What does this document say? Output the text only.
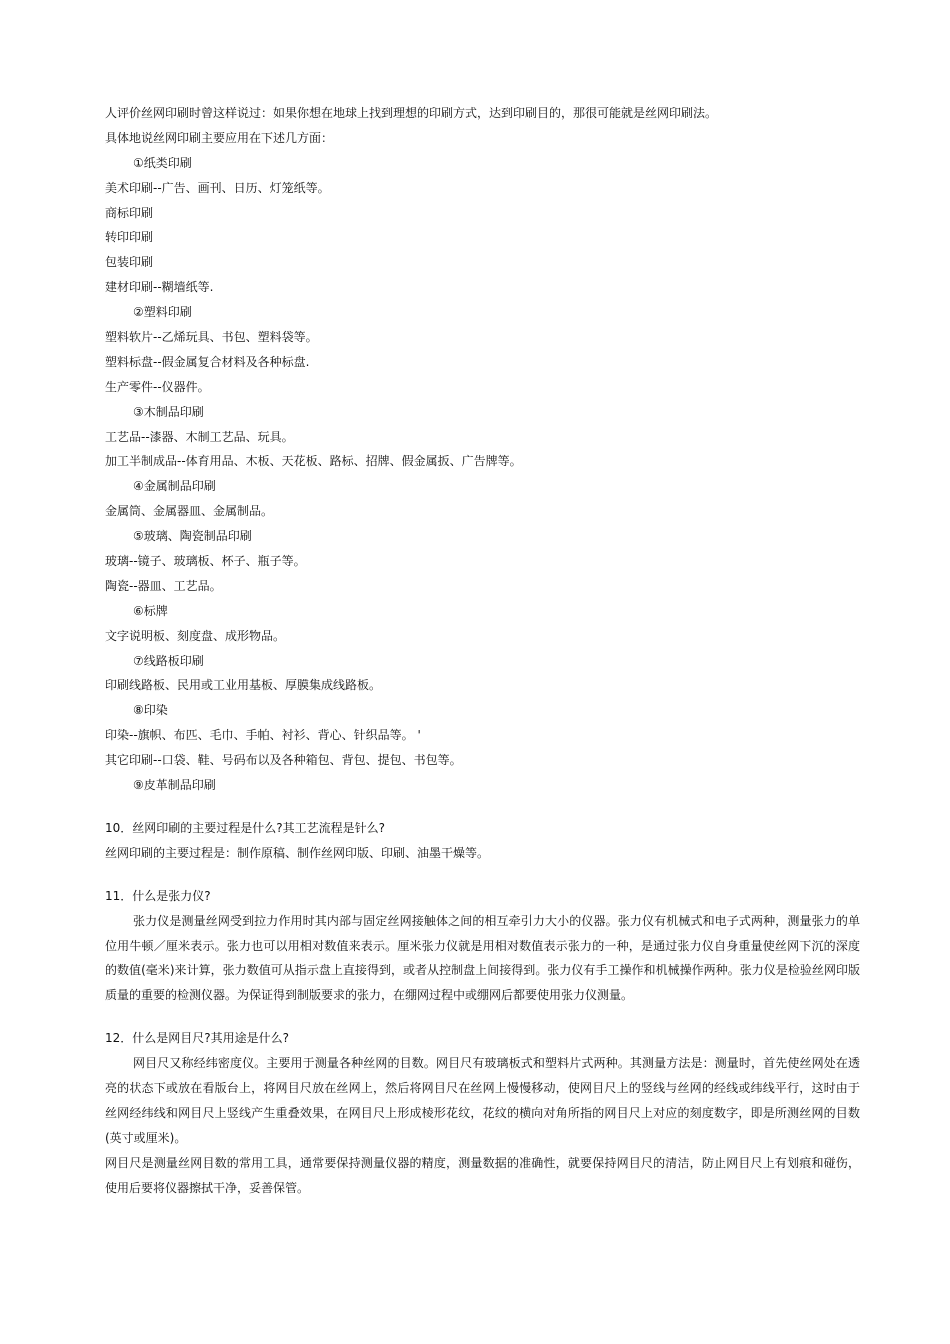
人评价丝网印刷时曾这样说过：如果你想在地球上找到理想的印刷方式，达到印刷目的，那很可能就是丝网印刷法。

具体地说丝网印刷主要应用在下述几方面：

①纸类印刷

美术印刷--广告、画刊、日历、灯笼纸等。

商标印刷

转印印刷

包装印刷

建材印刷--糊墙纸等.

②塑料印刷

塑料软片--乙烯玩具、书包、塑料袋等。

塑料标盘--假金属复合材料及各种标盘.

生产零件--仪器件。

③木制品印刷

工艺品--漆器、木制工艺品、玩具。

加工半制成品--体育用品、木板、天花板、路标、招牌、假金属扳、广告牌等。

④金属制品印刷

金属筒、金属器皿、金属制品。

⑤玻璃、陶瓷制品印刷

玻璃--镜子、玻璃板、杯子、瓶子等。

陶瓷--器皿、工艺品。

⑥标牌

文字说明板、刻度盘、成形物品。

⑦线路板印刷

印刷线路板、民用或工业用基板、厚膜集成线路板。

⑧印染

印染--旗帜、布匹、毛巾、手帕、衬衫、背心、针织品等。 '

其它印刷--口袋、鞋、号码布以及各种箱包、背包、提包、书包等。

⑨皮革制品印刷

10．丝网印刷的主要过程是什么?其工艺流程是针么?

丝网印刷的主要过程是：制作原稿、制作丝网印版、印刷、油墨干燥等。

11．什么是张力仪?

张力仪是测量丝网受到拉力作用时其内部与固定丝网接触体之间的相互牵引力大小的仪器。张力仪有机械式和电子式两种，测量张力的单位用牛顿／厘米表示。张力也可以用相对数值来表示。厘米张力仪就是用相对数值表示张力的一种，是通过张力仪自身重量使丝网下沉的深度的数值(毫米)来计算，张力数值可从指示盘上直接得到，或者从控制盘上间接得到。张力仪有手工操作和机械操作两种。张力仪是检验丝网印版质量的重要的检测仪器。为保证得到制版要求的张力，在绷网过程中或绷网后都要使用张力仪测量。

12．什么是网目尺?其用途是什么?

网目尺又称经纬密度仪。主要用于测量各种丝网的目数。网目尺有玻璃板式和塑料片式两种。其测量方法是：测量时，首先使丝网处在透亮的状态下或放在看版台上，将网目尺放在丝网上，然后将网目尺在丝网上慢慢移动，使网目尺上的竖线与丝网的经线或纬线平行，这时由于丝网经纬线和网目尺上竖线产生重叠效果，在网目尺上形成棱形花纹，花纹的横向对角所指的网目尺上对应的刻度数字，即是所测丝网的目数(英寸或厘米)。

网目尺是测量丝网目数的常用工具，通常要保持测量仪器的精度，测量数据的准确性，就要保持网目尺的清洁，防止网目尺上有划痕和碰伤，使用后要将仪器擦拭干净，妥善保管。
